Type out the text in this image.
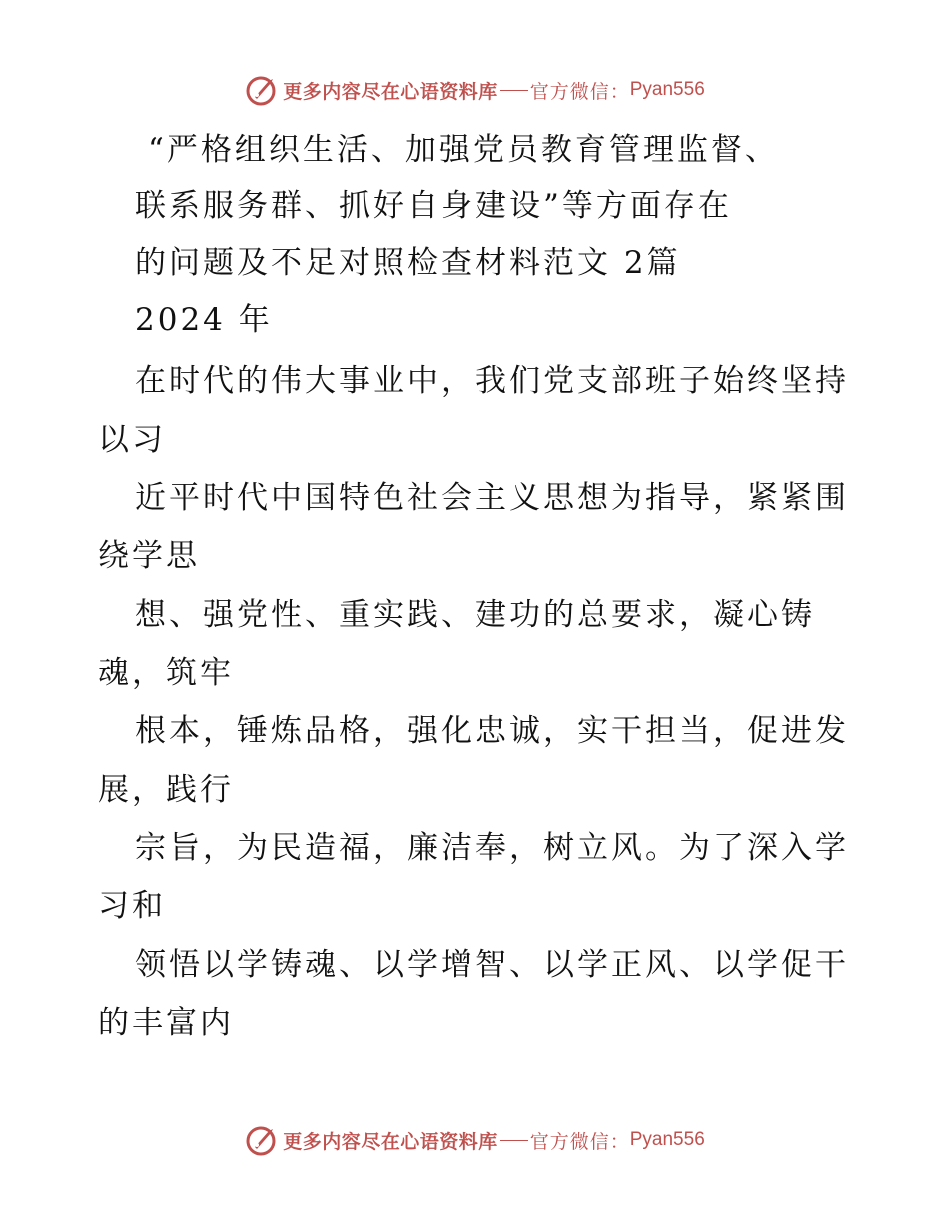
更多内容尽在心语资料库 官方微信： Pyan556
“严格组织生活、加强党员教育管理监督、
联系服务群、抓好自身建设”等方面存在
的问题及不足对照检查材料范文 2篇
2024 年
在时代的伟大事业中，我们党支部班子始终坚持
以习
近平时代中国特色社会主义思想为指导，紧紧围
绕学思
想、强党性、重实践、建功的总要求，凝心铸
魂，筑牢
根本，锤炼品格，强化忠诚，实干担当，促进发
展，践行
宗旨，为民造福，廉洁奉，树立风。为了深入学
习和
领悟以学铸魂、以学增智、以学正风、以学促干
的丰富内
更多内容尽在心语资料库 官方微信： Pyan556
